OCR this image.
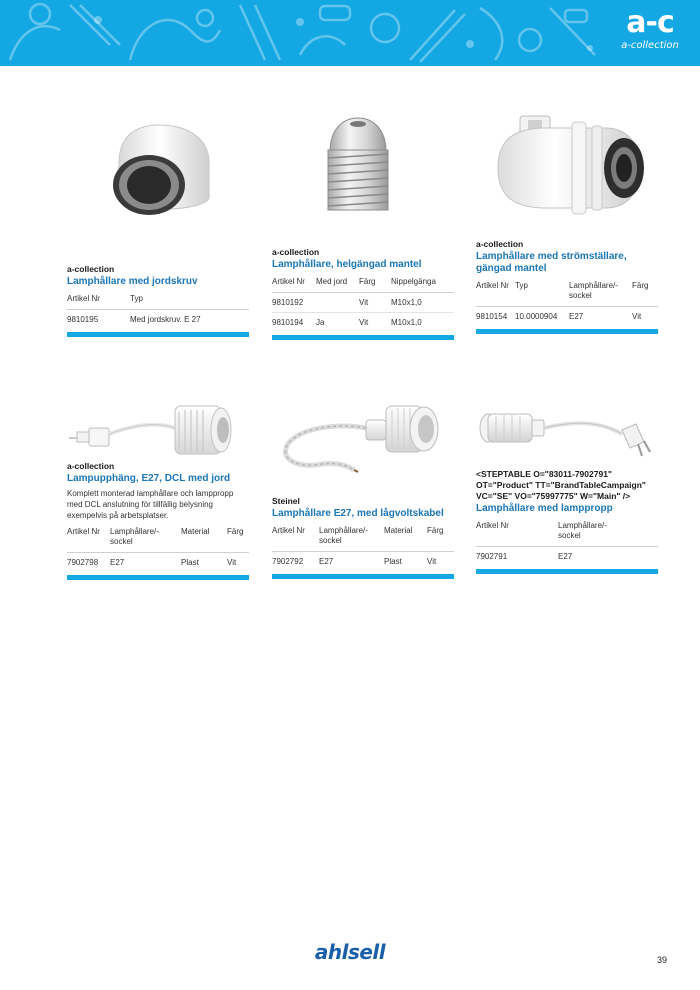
a-c
a-collection
a-collection
Lamphållare med jordskruv
Artikel Nr	Typ
9810195	Med jordskruv. E 27
a-collection
Lamphållare, helgängad mantel
Artikel Nr	Med jord	Färg	Nippelgänga
9810192		Vit	M10x1,0
9810194	Ja	Vit	M10x1,0
a-collection
Lamphållare med strömställare, gängad mantel
Artikel Nr	Typ	Lamphållare/-sockel	Färg
9810154	10.0000904	E27	Vit
a-collection
Lampupphäng, E27, DCL med jord
Komplett monterad lamphållare och lamppropp med DCL anslutning för tillfällig belysning exempelvis på arbetsplatser.
Artikel Nr	Lamphållare/-sockel	Material	Färg
7902798	E27	Plast	Vit
Steinel
Lamphållare E27, med lågvoltskabel
Artikel Nr	Lamphållare/-sockel	Material	Färg
7902792	E27	Plast	Vit
<STEPTABLE O="83011-7902791" OT="Product" TT="BrandTableCampaign" VC="SE" VO="75997775" W="Main" />
Lamphållare med lamppropp
Artikel Nr	Lamphållare/-sockel	
7902791	E27	
ahlsell	39
